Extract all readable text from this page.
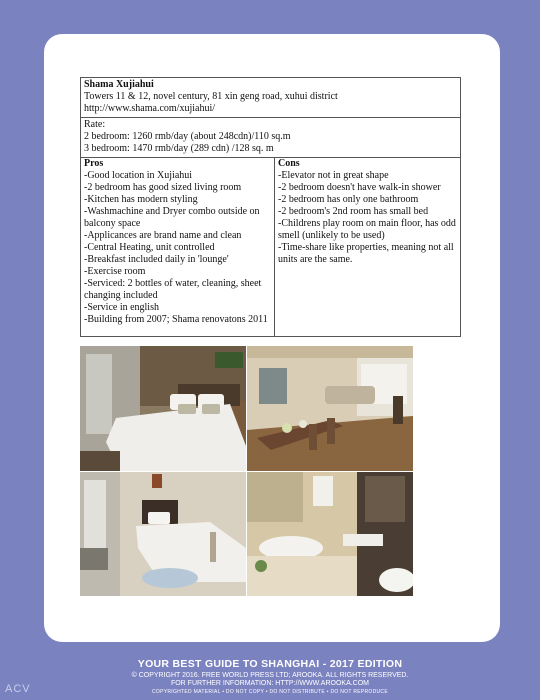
Shama Xujiahui
Towers 11 & 12, novel century, 81 xin geng road, xuhui district
http://www.shama.com/xujiahui/

Rate:
2 bedroom: 1260 rmb/day (about 248cdn)/110 sq.m
3 bedroom: 1470 rmb/day (289 cdn) /128 sq. m

Pros
-Good location in Xujiahui
-2 bedroom has good sized living room
-Kitchen has modern styling
-Washmachine and Dryer combo outside on balcony space
-Applicances are brand name and clean
-Central Heating, unit controlled
-Breakfast included daily in 'lounge'
-Exercise room
-Serviced: 2 bottles of water, cleaning, sheet changing included
-Service in english
-Building from 2007; Shama renovatons 2011

Cons
-Elevator not in great shape
-2 bedroom doesn't have walk-in shower
-2 bedroom has only one bathroom
-2 bedroom's 2nd room has small bed
-Childrens play room on main floor, has odd smell (unlikely to be used)
-Time-share like properties, meaning not all units are the same.
YOUR BEST GUIDE TO SHANGHAI - 2017 EDITION
© COPYRIGHT 2016. FREE WORLD PRESS LTD; AROOKA. ALL RIGHTS RESERVED.
FOR FURTHER INFORMATION: HTTP://WWW.AROOKA.COM
COPYRIGHTED MATERIAL • DO NOT COPY • DO NOT DISTRIBUTE • DO NOT REPRODUCE
ACV
